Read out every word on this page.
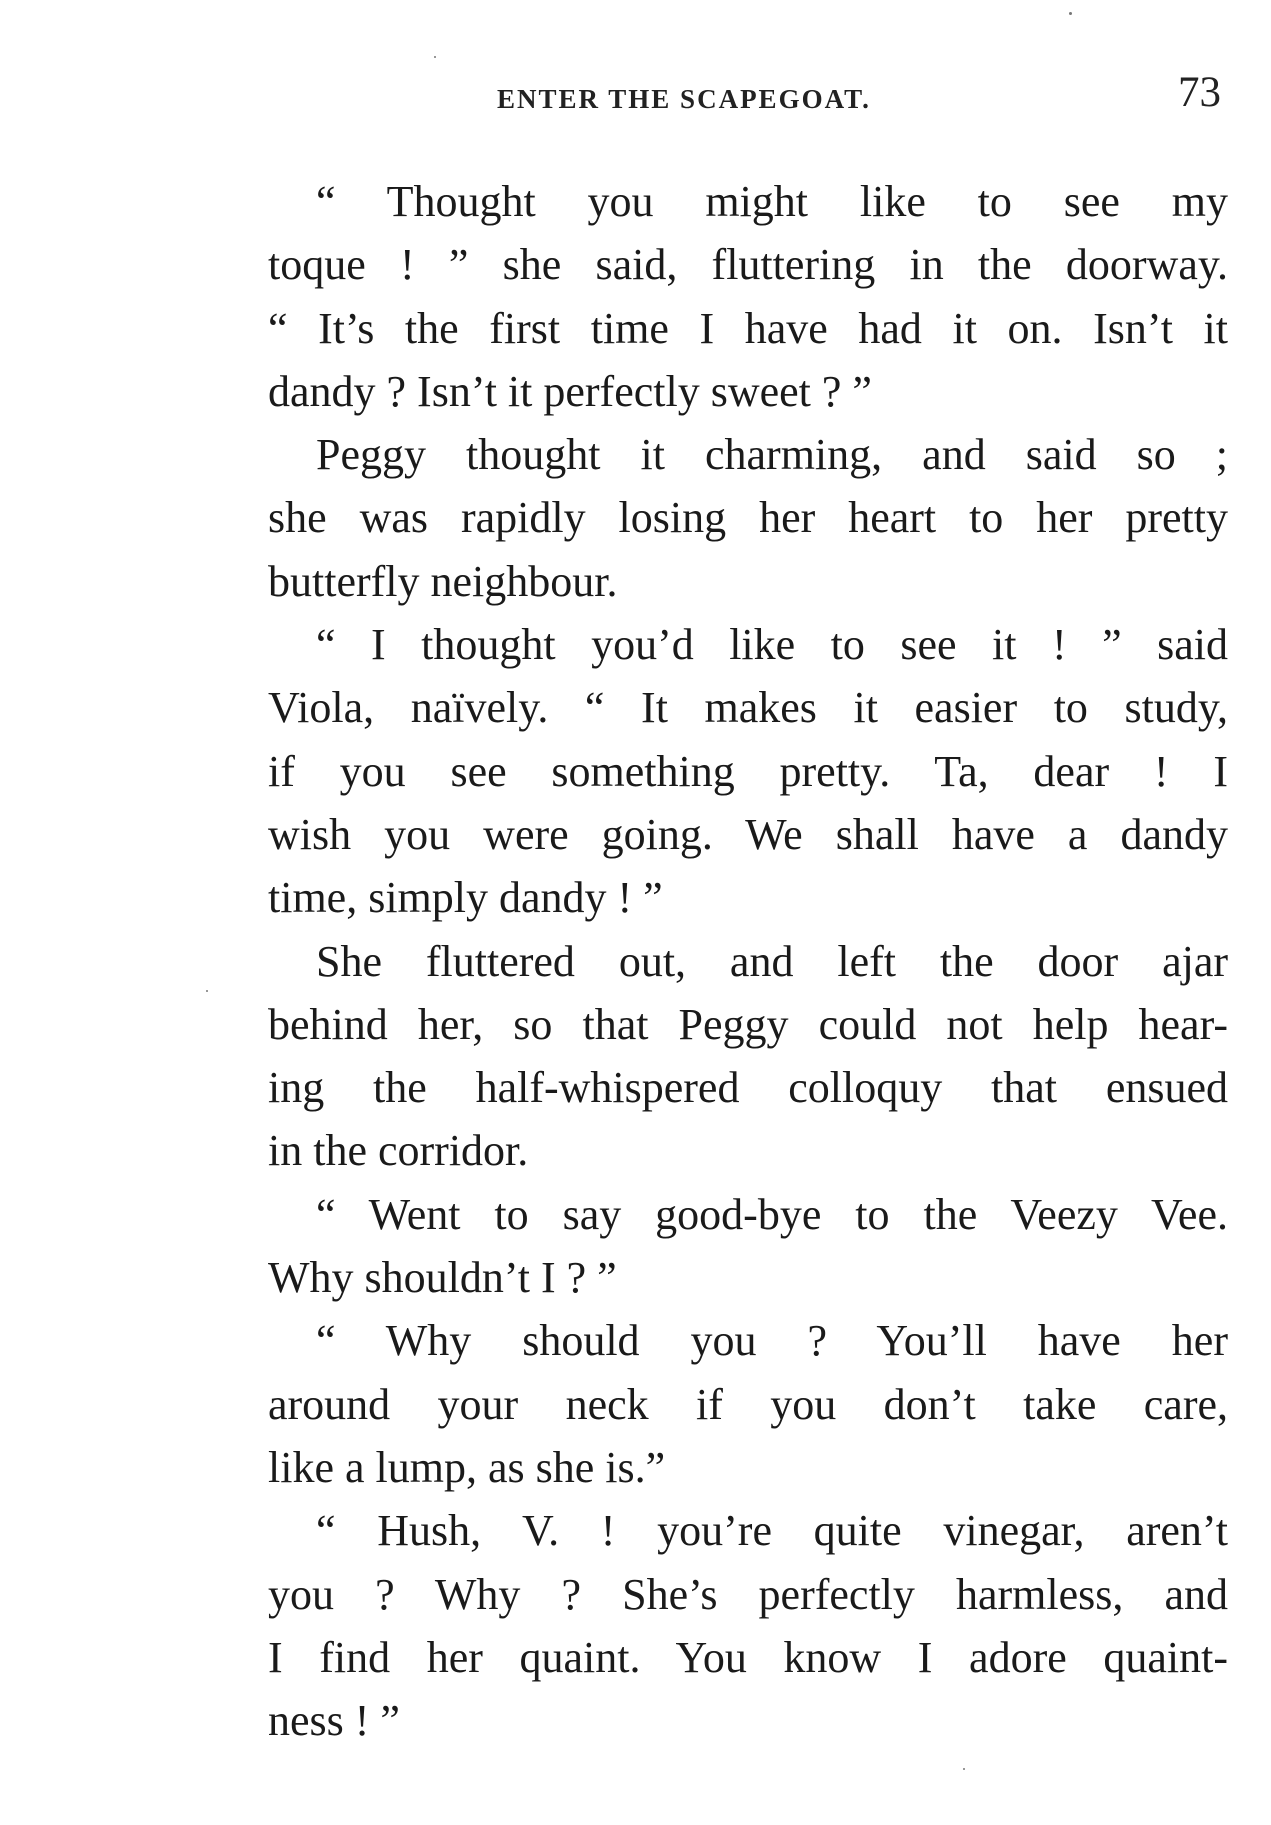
ENTER THE SCAPEGOAT.	73
“ Thought you might like to see my
toque ! ” she said, fluttering in the doorway.
“ It’s the first time I have had it on. Isn’t it
dandy ? Isn’t it perfectly sweet ? ”
Peggy thought it charming, and said so ;
she was rapidly losing her heart to her pretty
butterfly neighbour.
“ I thought you’d like to see it ! ” said
Viola, naïvely. “ It makes it easier to study,
if you see something pretty. Ta, dear ! I
wish you were going. We shall have a dandy
time, simply dandy ! ”
She fluttered out, and left the door ajar
behind her, so that Peggy could not help hear-
ing the half-whispered colloquy that ensued
in the corridor.
“ Went to say good-bye to the Veezy Vee.
Why shouldn’t I ? ”
“ Why should you ? You’ll have her
around your neck if you don’t take care,
like a lump, as she is.”
“ Hush, V. ! you’re quite vinegar, aren’t
you ? Why ? She’s perfectly harmless, and
I find her quaint. You know I adore quaint-
ness ! ”
